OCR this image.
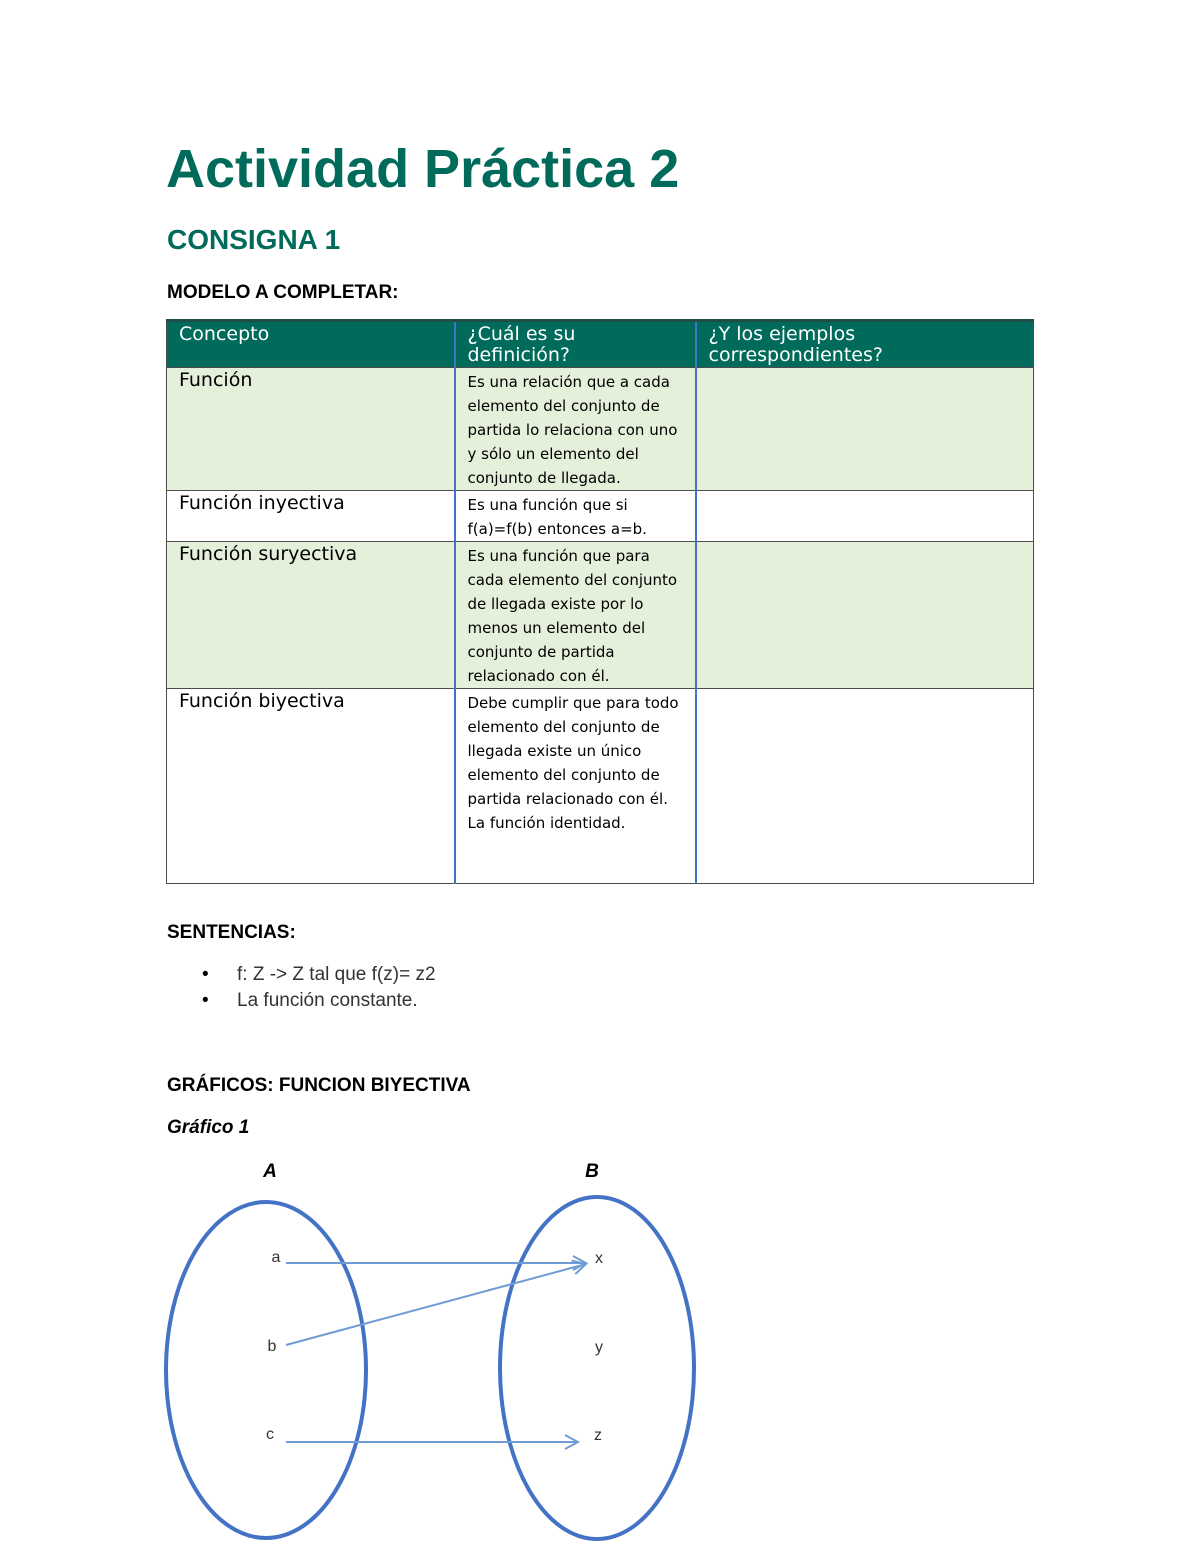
Actividad Práctica 2
CONSIGNA 1
MODELO A COMPLETAR:
Concepto	¿Cuál es su definición?	¿Y los ejemplos correspondientes?
Función	Es una relación que a cada elemento del conjunto de partida lo relaciona con uno y sólo un elemento del conjunto de llegada.	
Función inyectiva	Es una función que si f(a)=f(b) entonces a=b.	
Función suryectiva	Es una función que para cada elemento del conjunto de llegada existe por lo menos un elemento del conjunto de partida relacionado con él.	
Función biyectiva	Debe cumplir que para todo elemento del conjunto de llegada existe un único elemento del conjunto de partida relacionado con él.
La función identidad.	

SENTENCIAS:
• f: Z -> Z tal que f(z)= z2
• La función constante.
GRÁFICOS: FUNCION BIYECTIVA
Gráfico 1
A	B
a
b
c
x
y
z
